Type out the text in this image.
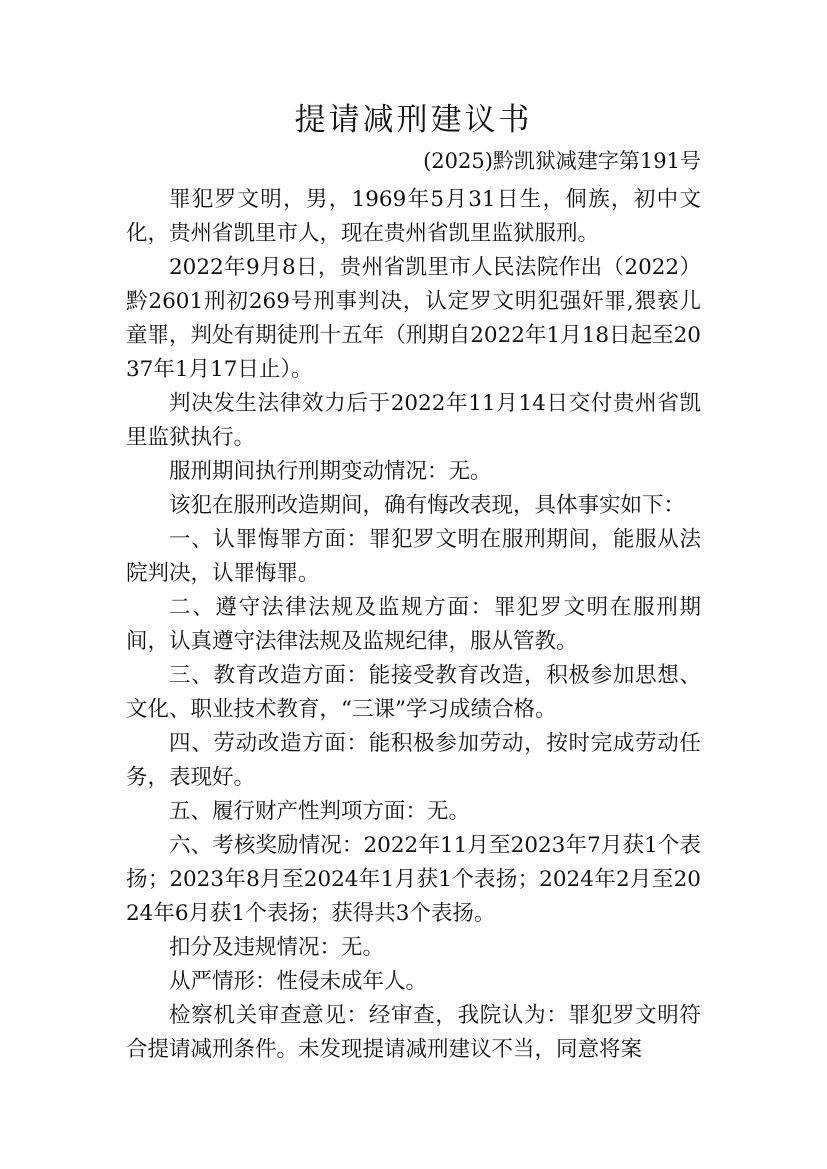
提请减刑建议书
(2025)黔凯狱减建字第191号

罪犯罗文明，男，1969年5月31日生，侗族，初中文化，贵州省凯里市人，现在贵州省凯里监狱服刑。

2022年9月8日，贵州省凯里市人民法院作出（2022）黔2601刑初269号刑事判决，认定罗文明犯强奸罪,猥亵儿童罪，判处有期徒刑十五年（刑期自2022年1月18日起至2037年1月17日止）。

判决发生法律效力后于2022年11月14日交付贵州省凯里监狱执行。

服刑期间执行刑期变动情况：无。

该犯在服刑改造期间，确有悔改表现，具体事实如下：

一、认罪悔罪方面：罪犯罗文明在服刑期间，能服从法院判决，认罪悔罪。

二、遵守法律法规及监规方面：罪犯罗文明在服刑期间，认真遵守法律法规及监规纪律，服从管教。

三、教育改造方面：能接受教育改造，积极参加思想、文化、职业技术教育，“三课”学习成绩合格。

四、劳动改造方面：能积极参加劳动，按时完成劳动任务，表现好。

五、履行财产性判项方面：无。

六、考核奖励情况：2022年11月至2023年7月获1个表扬；2023年8月至2024年1月获1个表扬；2024年2月至2024年6月获1个表扬；获得共3个表扬。

扣分及违规情况：无。

从严情形：性侵未成年人。

检察机关审查意见：经审查，我院认为：罪犯罗文明符合提请减刑条件。未发现提请减刑建议不当，同意将案
